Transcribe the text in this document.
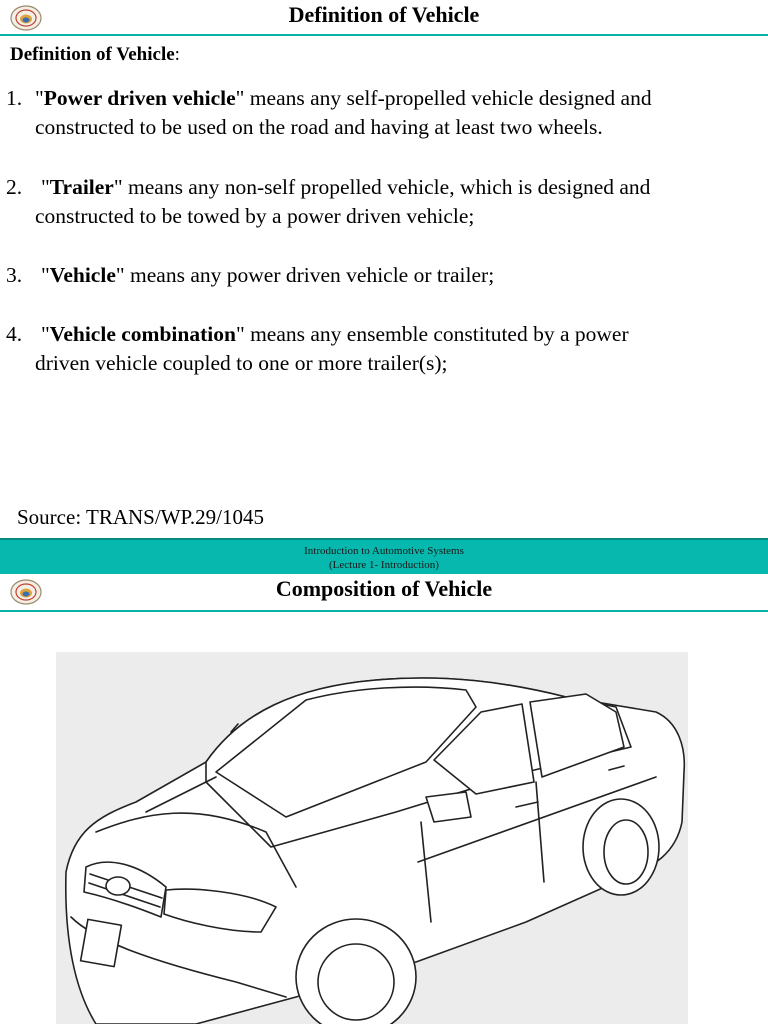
Definition of Vehicle
Definition of Vehicle:
1. "Power driven vehicle" means any self-propelled vehicle designed and
constructed to be used on the road and having at least two wheels.
2. "Trailer" means any non-self propelled vehicle, which is designed and
constructed to be towed by a power driven vehicle;
3. "Vehicle" means any power driven vehicle or trailer;
4. "Vehicle combination" means any ensemble constituted by a power
driven vehicle coupled to one or more trailer(s);
Source: TRANS/WP.29/1045
Introduction to Automotive Systems
(Lecture 1- Introduction)
Composition of Vehicle
